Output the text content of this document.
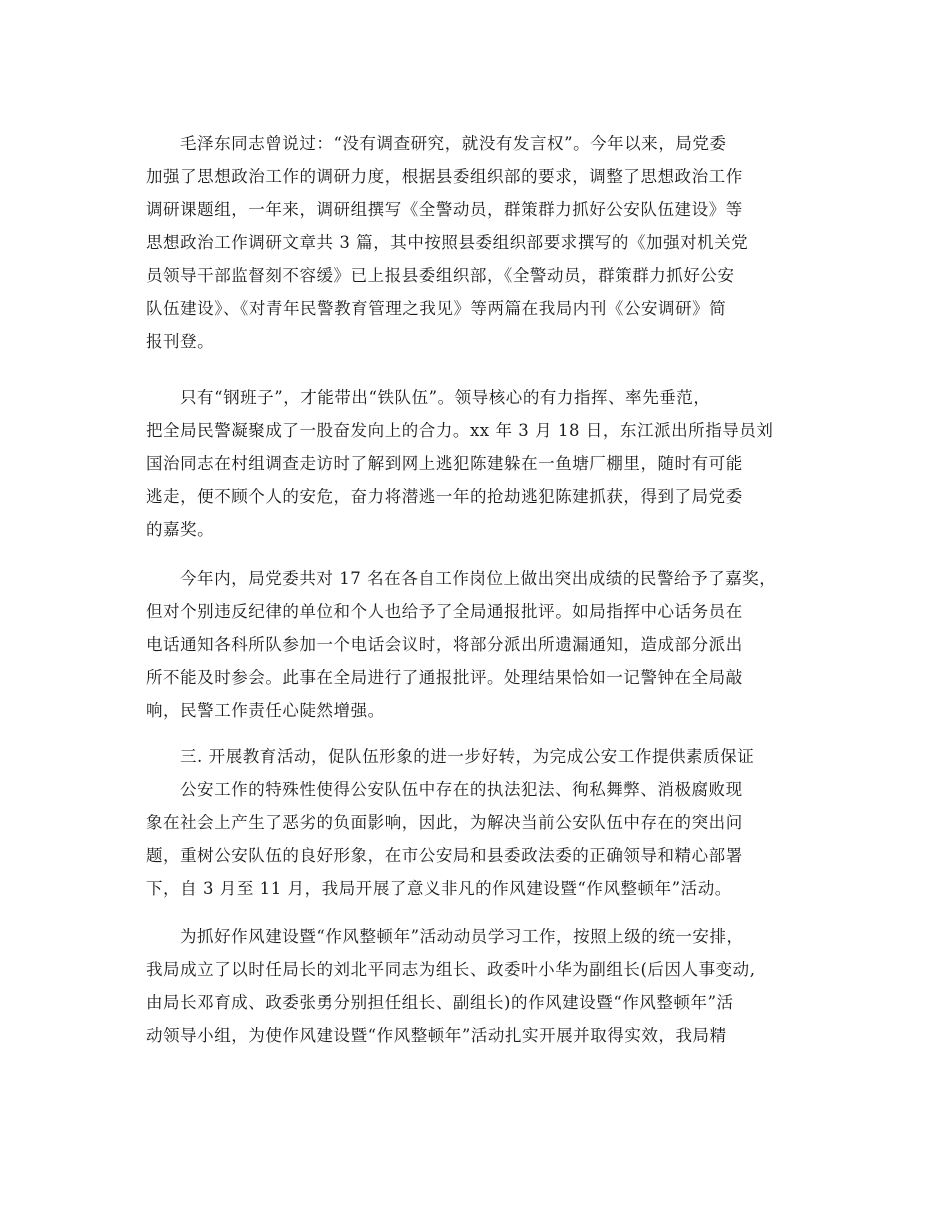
毛泽东同志曾说过：“没有调查研究，就没有发言权”。今年以来，局党委
加强了思想政治工作的调研力度，根据县委组织部的要求，调整了思想政治工作
调研课题组，一年来，调研组撰写《全警动员，群策群力抓好公安队伍建设》等
思想政治工作调研文章共 3 篇，其中按照县委组织部要求撰写的《加强对机关党
员领导干部监督刻不容缓》已上报县委组织部，《全警动员，群策群力抓好公安
队伍建设》、《对青年民警教育管理之我见》等两篇在我局内刊《公安调研》简
报刊登。
只有“钢班子”，才能带出“铁队伍”。领导核心的有力指挥、率先垂范，
把全局民警凝聚成了一股奋发向上的合力。xx 年 3 月 18 日，东江派出所指导员刘
国治同志在村组调查走访时了解到网上逃犯陈建躲在一鱼塘厂棚里，随时有可能
逃走，便不顾个人的安危，奋力将潜逃一年的抢劫逃犯陈建抓获，得到了局党委
的嘉奖。
今年内，局党委共对 17 名在各自工作岗位上做出突出成绩的民警给予了嘉奖，
但对个别违反纪律的单位和个人也给予了全局通报批评。如局指挥中心话务员在
电话通知各科所队参加一个电话会议时，将部分派出所遗漏通知，造成部分派出
所不能及时参会。此事在全局进行了通报批评。处理结果恰如一记警钟在全局敲
响，民警工作责任心陡然增强。
三. 开展教育活动，促队伍形象的进一步好转，为完成公安工作提供素质保证
公安工作的特殊性使得公安队伍中存在的执法犯法、徇私舞弊、消极腐败现
象在社会上产生了恶劣的负面影响，因此，为解决当前公安队伍中存在的突出问
题，重树公安队伍的良好形象，在市公安局和县委政法委的正确领导和精心部署
下，自 3 月至 11 月，我局开展了意义非凡的作风建设暨“作风整顿年”活动。
为抓好作风建设暨“作风整顿年”活动动员学习工作，按照上级的统一安排，
我局成立了以时任局长的刘北平同志为组长、政委叶小华为副组长(后因人事变动,
由局长邓育成、政委张勇分别担任组长、副组长)的作风建设暨“作风整顿年”活
动领导小组，为使作风建设暨“作风整顿年”活动扎实开展并取得实效，我局精
